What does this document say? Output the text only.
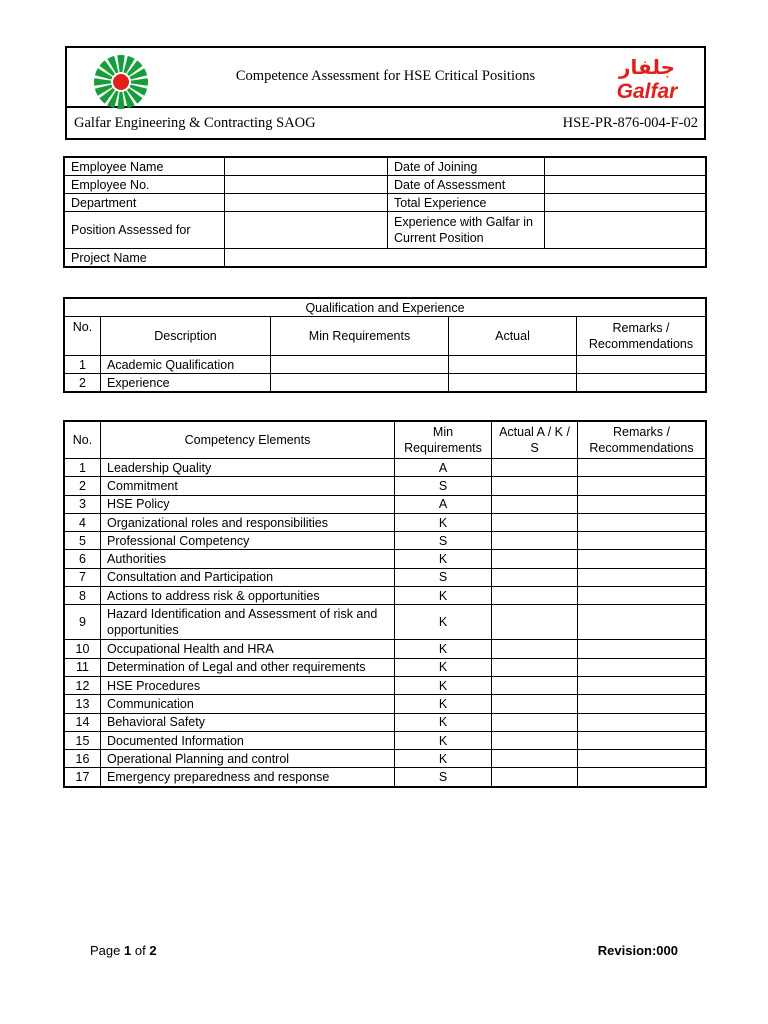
Competence Assessment for HSE Critical Positions	جلفار
Galfar
Galfar Engineering & Contracting SAOG	HSE-PR-876-004-F-02
Employee Name		Date of Joining	
Employee No.		Date of Assessment	
Department		Total Experience	
Position Assessed for		Experience with Galfar in Current Position	
Project Name			
Qualification and Experience				
No.	Description	Min Requirements	Actual	Remarks / Recommendations
1	Academic Qualification			
2	Experience			
No.	Competency Elements	Min Requirements	Actual A / K / S	Remarks / Recommendations
1	Leadership Quality	A		
2	Commitment	S		
3	HSE Policy	A		
4	Organizational roles and responsibilities	K		
5	Professional Competency	S		
6	Authorities	K		
7	Consultation and Participation	S		
8	Actions to address risk & opportunities	K		
9	Hazard Identification and Assessment of risk and opportunities	K		
10	Occupational Health and HRA	K		
11	Determination of Legal and other requirements	K		
12	HSE Procedures	K		
13	Communication	K		
14	Behavioral Safety	K		
15	Documented Information	K		
16	Operational Planning and control	K		
17	Emergency preparedness and response	S		
Page 1 of 2	Revision:000
